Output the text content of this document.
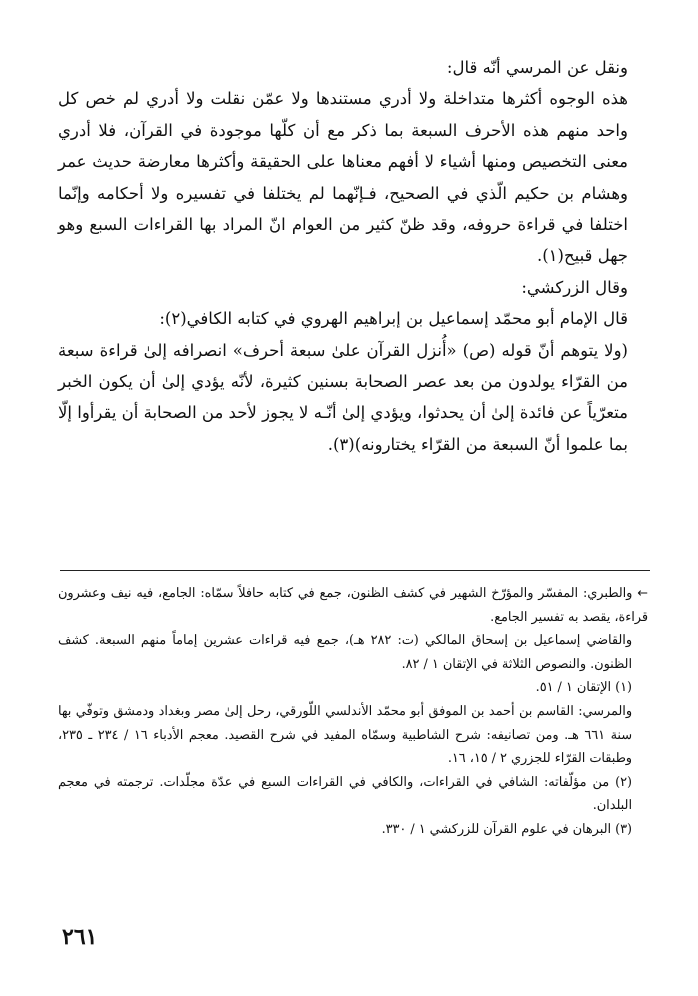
ونقل عن المرسي أنّه قال:

هذه الوجوه أكثرها متداخلة ولا أدري مستندها ولا عمّن نقلت ولا أدري لم خص كل واحد منهم هذه الأحرف السبعة بما ذكر مع أن كلّها موجودة في القرآن، فلا أدري معنى التخصيص ومنها أشياء لا أفهم معناها على الحقيقة وأكثرها معارضة حديث عمر وهشام بن حكيم الّذي في الصحيح، فـإنّهما لم يختلفا في تفسيره ولا أحكامه وإنّما اختلفا في قراءة حروفه، وقد ظنّ كثير من العوام انّ المراد بها القراءات السبع وهو جهل قبيح(١).

وقال الزركشي:

قال الإمام أبو محمّد إسماعيل بن إبراهيم الهروي في كتابه الكافي(٢):

(ولا يتوهم أنّ قوله (ص) «أُنزل القرآن علىٰ سبعة أحرف» انصرافه إلىٰ قراءة سبعة من القرّاء يولدون من بعد عصر الصحابة بسنين كثيرة، لأنّه يؤدي إلىٰ أن يكون الخبر متعرّياً عن فائدة إلىٰ أن يحدثوا، ويؤدي إلىٰ أنّـه لا يجوز لأحد من الصحابة أن يقرأوا إلّا بما علموا أنّ السبعة من القرّاء يختارونه)(٣).

← والطبري: المفسّر والمؤرّخ الشهير في كشف الظنون، جمع في كتابه حافلاً سمّاه: الجامع، فيه نيف وعشرون قراءة، يقصد به تفسير الجامع.

والقاضي إسماعيل بن إسحاق المالكي (ت: ٢٨٢ هـ)، جمع فيه قراءات عشرين إماماً منهم السبعة. كشف الظنون. والنصوص الثلاثة في الإتقان ١ / ٨٢.

(١) الإتقان ١ / ٥١.

والمرسي: القاسم بن أحمد بن الموفق أبو محمّد الأندلسي اللّورقي، رحل إلىٰ مصر وبغداد ودمشق وتوفّي بها سنة ٦٦١ هـ. ومن تصانيفه: شرح الشاطبية وسمّاه المفيد في شرح القصيد. معجم الأدباء ١٦ / ٢٣٤ ـ ٢٣٥، وطبقات القرّاء للجزري ٢ / ١٥، ١٦.

(٢) من مؤلّفاته: الشافي في القراءات، والكافي في القراءات السبع في عدّة مجلّدات. ترجمته في معجم البلدان.

(٣) البرهان في علوم القرآن للزركشي ١ / ٣٣٠.

٢٦١
